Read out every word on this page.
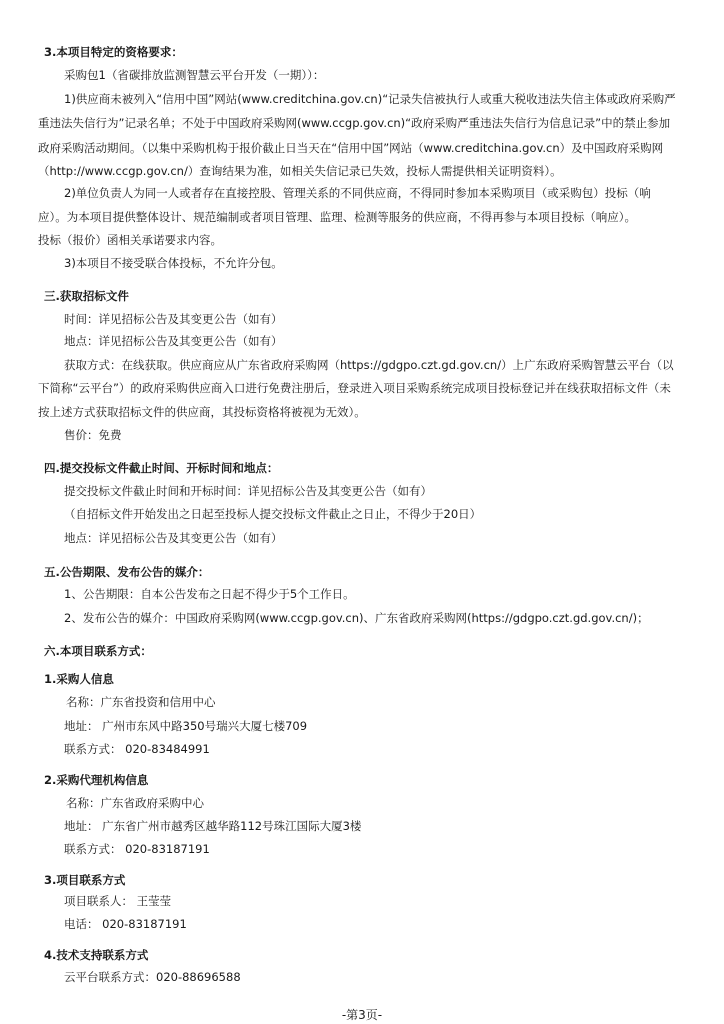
3.本项目特定的资格要求：
采购包1（省碳排放监测智慧云平台开发（一期））：
1)供应商未被列入“信用中国”网站(www.creditchina.gov.cn)“记录失信被执行人或重大税收违法失信主体或政府采购严
重违法失信行为”记录名单；不处于中国政府采购网(www.ccgp.gov.cn)“政府采购严重违法失信行为信息记录”中的禁止参加
政府采购活动期间。（以集中采购机构于报价截止日当天在“信用中国”网站（www.creditchina.gov.cn）及中国政府采购网
（http://www.ccgp.gov.cn/）查询结果为准，如相关失信记录已失效，投标人需提供相关证明资料）。
2)单位负责人为同一人或者存在直接控股、管理关系的不同供应商，不得同时参加本采购项目（或采购包）投标（响
应）。为本项目提供整体设计、规范编制或者项目管理、监理、检测等服务的供应商，不得再参与本项目投标（响应）。
投标（报价）函相关承诺要求内容。
3)本项目不接受联合体投标，不允许分包。
三.获取招标文件
时间：详见招标公告及其变更公告（如有）
地点：详见招标公告及其变更公告（如有）
获取方式：在线获取。供应商应从广东省政府采购网（https://gdgpo.czt.gd.gov.cn/）上广东政府采购智慧云平台（以
下简称“云平台”）的政府采购供应商入口进行免费注册后，登录进入项目采购系统完成项目投标登记并在线获取招标文件（未
按上述方式获取招标文件的供应商，其投标资格将被视为无效）。
售价：免费
四.提交投标文件截止时间、开标时间和地点：
提交投标文件截止时间和开标时间：详见招标公告及其变更公告（如有）
（自招标文件开始发出之日起至投标人提交投标文件截止之日止，不得少于20日）
地点：详见招标公告及其变更公告（如有）
五.公告期限、发布公告的媒介：
1、公告期限：自本公告发布之日起不得少于5个工作日。
2、发布公告的媒介：中国政府采购网(www.ccgp.gov.cn)、广东省政府采购网(https://gdgpo.czt.gd.gov.cn/)；
六.本项目联系方式：
1.采购人信息
名称：广东省投资和信用中心
地址： 广州市东风中路350号瑞兴大厦七楼709
联系方式： 020-83484991
2.采购代理机构信息
名称：广东省政府采购中心
地址： 广东省广州市越秀区越华路112号珠江国际大厦3楼
联系方式： 020-83187191
3.项目联系方式
项目联系人： 王莹莹
电话： 020-83187191
4.技术支持联系方式
云平台联系方式：020-88696588
-第3页-
